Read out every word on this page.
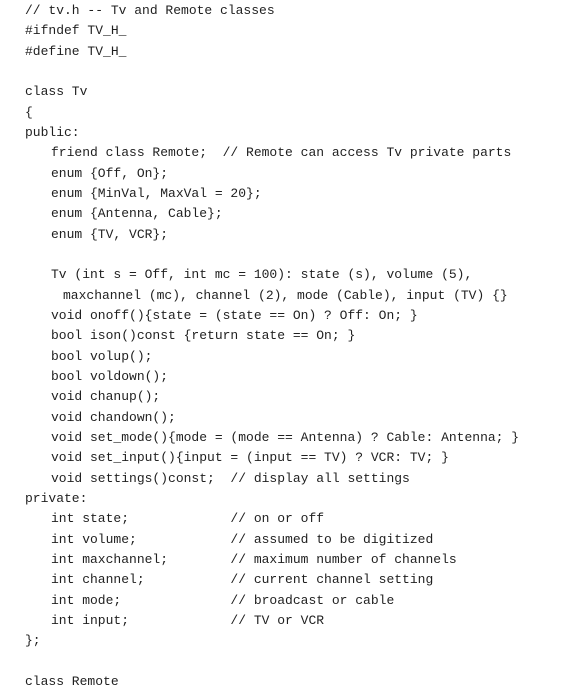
// tv.h -- Tv and Remote classes
#ifndef TV_H_
#define TV_H_
class Tv
{
public:
friend class Remote;  // Remote can access Tv private parts
enum {Off, On};
enum {MinVal, MaxVal = 20};
enum {Antenna, Cable};
enum {TV, VCR};
Tv (int s = Off, int mc = 100): state (s), volume (5),
maxchannel (mc), channel (2), mode (Cable), input (TV) {}
void onoff(){state = (state == On) ? Off: On; }
bool ison()const {return state == On; }
bool volup();
bool voldown();
void chanup();
void chandown();
void set_mode(){mode = (mode == Antenna) ? Cable: Antenna; }
void set_input(){input = (input == TV) ? VCR: TV; }
void settings()const;  // display all settings
private:
int state;             // on or off
int volume;            // assumed to be digitized
int maxchannel;        // maximum number of channels
int channel;           // current channel setting
int mode;              // broadcast or cable
int input;             // TV or VCR
};
class Remote
